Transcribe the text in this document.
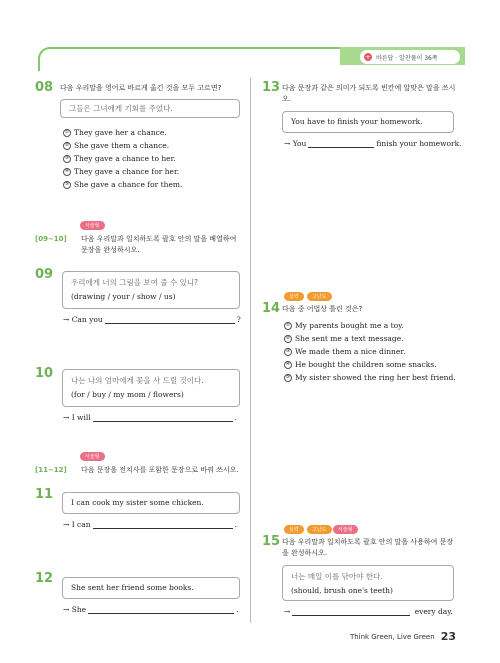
+ 바른답 · 알찬풀이 36쪽
08 다음 우리말을 영어로 바르게 옮긴 것을 모두 고르면?
그들은 그녀에게 기회를 주었다.
① They gave her a chance.
② She gave them a chance.
③ They gave a chance to her.
④ They gave a chance for her.
⑤ She gave a chance for them.
서술형
[09~10] 다음 우리말과 일치하도록 괄호 안의 말을 배열하여
문장을 완성하시오.
09
우리에게 너의 그림을 보여 줄 수 있니?
(drawing / your / show / us)
→
Can you	?
10 나는 나의 엄마에게 꽃을 사 드릴 것이다.
(for / buy / my mom / flowers)
→
I will	.
서술형
[11~12] 다음 문장을 전치사를 포함한 문장으로 바꿔 쓰시오.
11
I can cook my sister some chicken.
→
I can	.
12
She sent her friend some books.
→
She	.
13 다음 문장과 같은 의미가 되도록 빈칸에 알맞은 말을 쓰시
오.
You have to finish your homework.
→
You	finish your homework.
실력	고난도
14 다음 중 어법상 틀린 것은?
① My parents bought me a toy.
② She sent me a text message.
③ We made them a nice dinner.
④ He bought the children some snacks.
⑤ My sister showed the ring her best friend.
실력	고난도	서술형
15 다음 우리말과 일치하도록 괄호 안의 말을 사용하여 문장
을 완성하시오.
너는 매일 이를 닦아야 한다.
(should, brush one's teeth)
→
	every day.
Think Green, Live Green 23
